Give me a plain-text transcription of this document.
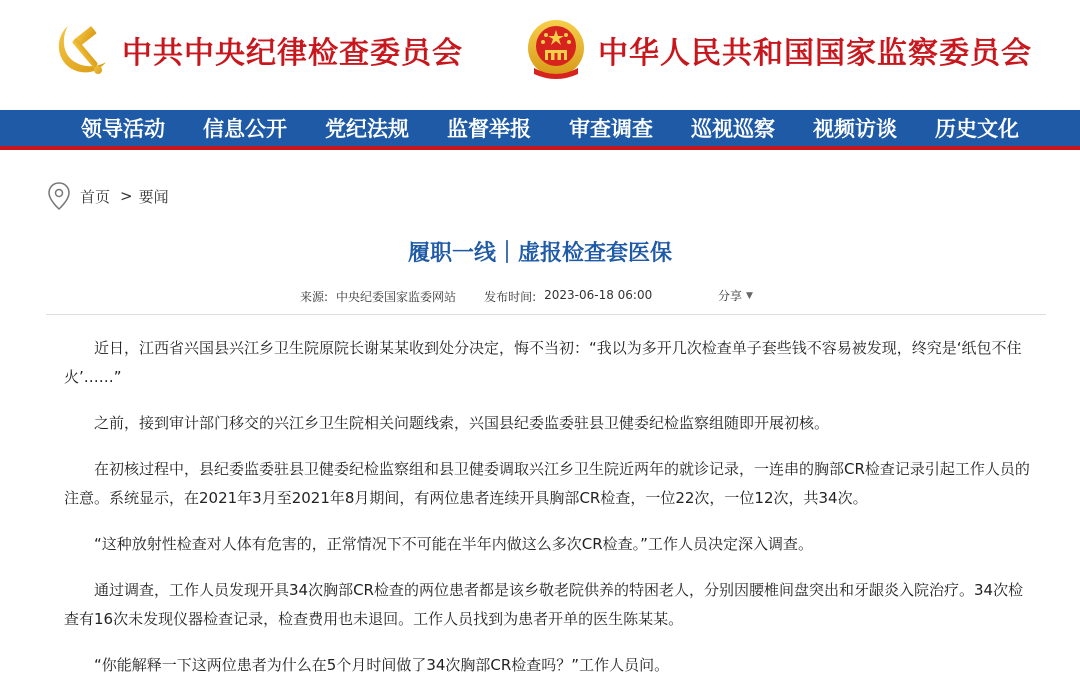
中共中央纪律检查委员会	中华人民共和国国家监察委员会
领导活动	信息公开	党纪法规	监督举报	审查调查	巡视巡察	视频访谈	历史文化
首页 > 要闻
履职一线｜虚报检查套医保
来源: 中央纪委国家监委网站 发布时间: 2023-06-18 06:00	分享 ▼

近日，江西省兴国县兴江乡卫生院原院长谢某某收到处分决定，悔不当初：“我以为多开几次检查单子套些钱不容易被发现，终究是‘纸包不住火’……”

之前，接到审计部门移交的兴江乡卫生院相关问题线索，兴国县纪委监委驻县卫健委纪检监察组随即开展初核。

在初核过程中，县纪委监委驻县卫健委纪检监察组和县卫健委调取兴江乡卫生院近两年的就诊记录，一连串的胸部CR检查记录引起工作人员的注意。系统显示，在2021年3月至2021年8月期间，有两位患者连续开具胸部CR检查，一位22次，一位12次，共34次。

“这种放射性检查对人体有危害的，正常情况下不可能在半年内做这么多次CR检查。”工作人员决定深入调查。

通过调查，工作人员发现开具34次胸部CR检查的两位患者都是该乡敬老院供养的特困老人，分别因腰椎间盘突出和牙龈炎入院治疗。34次检查有16次未发现仪器检查记录，检查费用也未退回。工作人员找到为患者开单的医生陈某某。

“你能解释一下这两位患者为什么在5个月时间做了34次胸部CR检查吗？”工作人员问。
